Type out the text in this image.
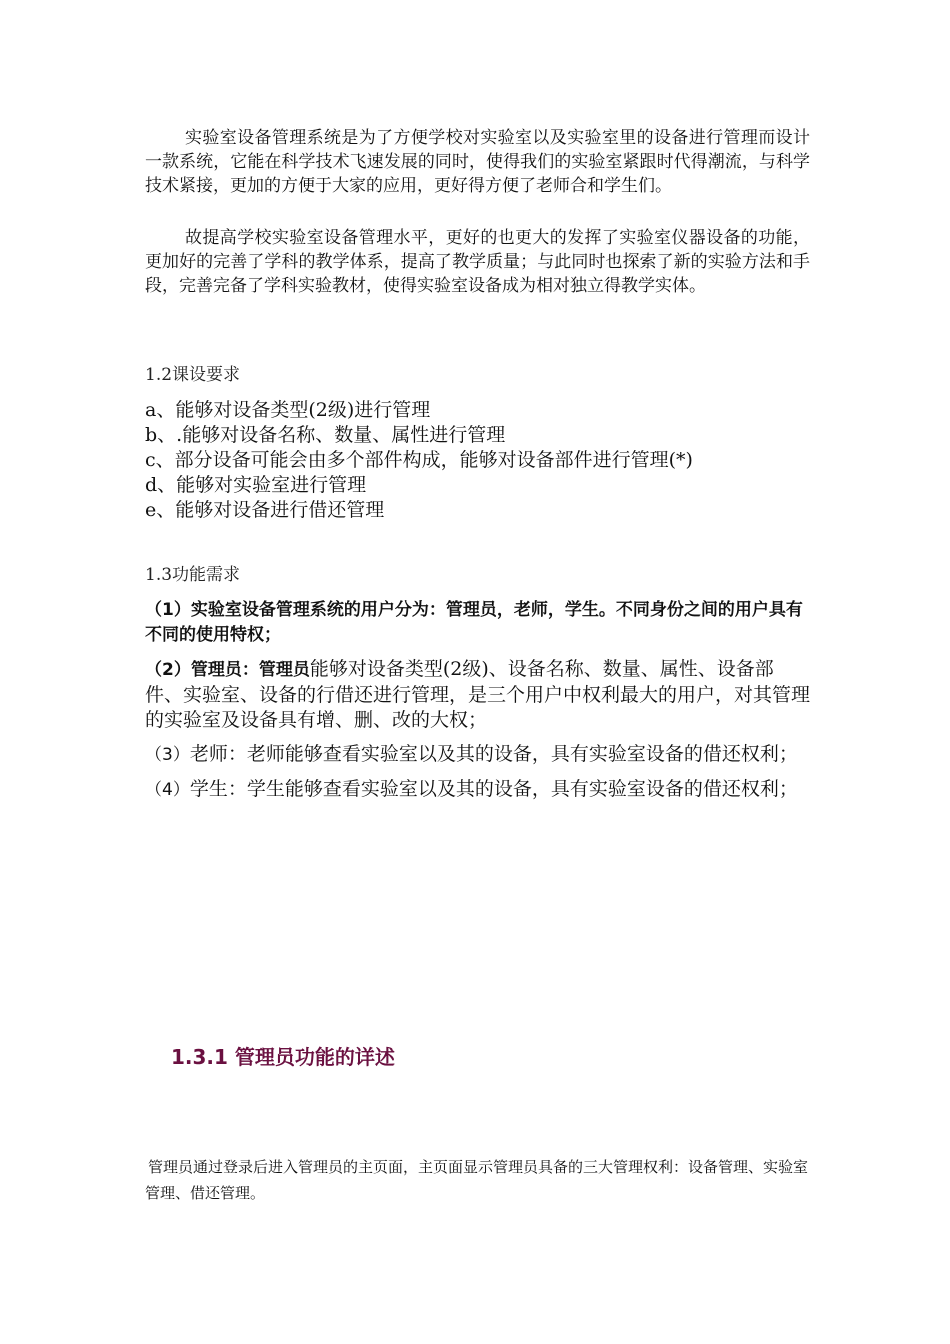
实验室设备管理系统是为了方便学校对实验室以及实验室里的设备进行管理而设计一款系统，它能在科学技术飞速发展的同时，使得我们的实验室紧跟时代得潮流，与科学技术紧接，更加的方便于大家的应用，更好得方便了老师合和学生们。

故提高学校实验室设备管理水平，更好的也更大的发挥了实验室仪器设备的功能，更加好的完善了学科的教学体系，提高了教学质量；与此同时也探索了新的实验方法和手段，完善完备了学科实验教材，使得实验室设备成为相对独立得教学实体。

1.2课设要求

a、能够对设备类型(2级)进行管理
b、.能够对设备名称、数量、属性进行管理
c、部分设备可能会由多个部件构成，能够对设备部件进行管理(*)
d、能够对实验室进行管理
e、能够对设备进行借还管理

1.3功能需求

（1）实验室设备管理系统的用户分为：管理员，老师，学生。不同身份之间的用户具有不同的使用特权；

（2）管理员：管理员能够对设备类型(2级)、设备名称、数量、属性、设备部件、实验室、设备的行借还进行管理，是三个用户中权利最大的用户，对其管理的实验室及设备具有增、删、改的大权；

（3）老师：老师能够查看实验室以及其的设备，具有实验室设备的借还权利；

（4）学生：学生能够查看实验室以及其的设备，具有实验室设备的借还权利；

1.3.1 管理员功能的详述

管理员通过登录后进入管理员的主页面，主页面显示管理员具备的三大管理权利：设备管理、实验室管理、借还管理。
